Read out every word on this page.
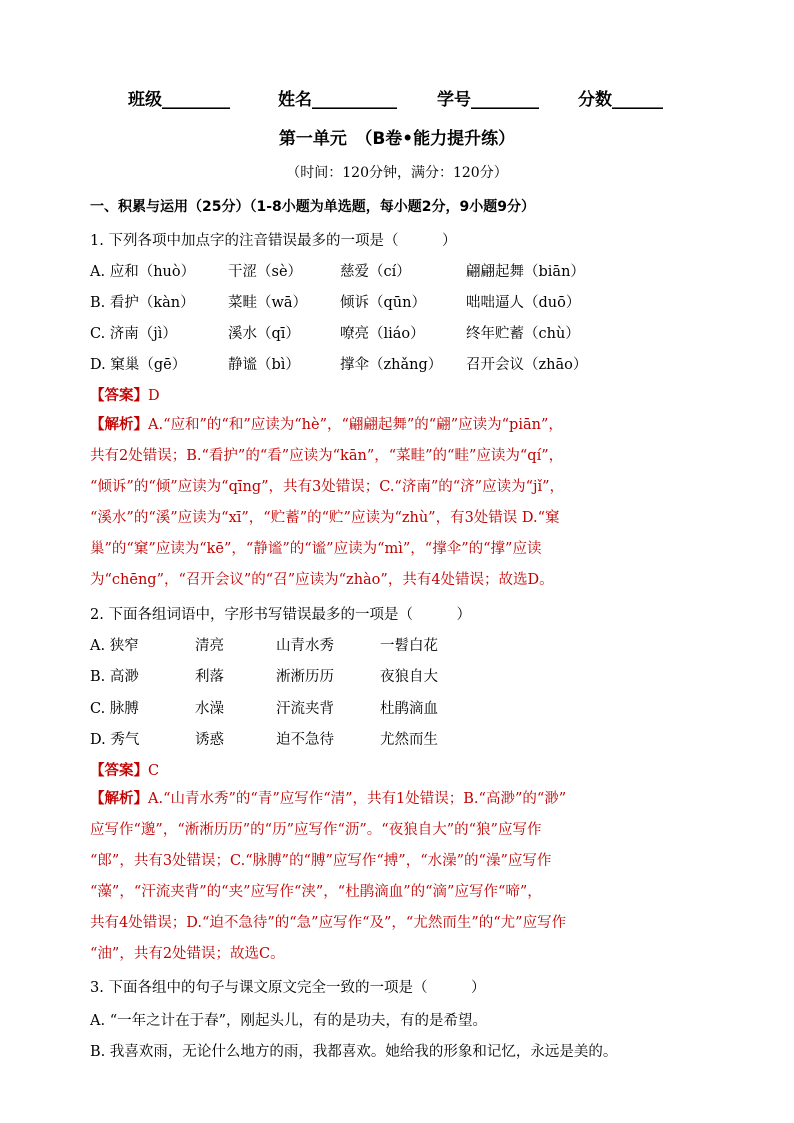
班级________	姓名__________ 学号________ 分数______
第一单元　（B卷•能力提升练）
（时间：120分钟，满分：120分）
一、积累与运用（25分）（1-8小题为单选题，每小题2分，9小题9分）
1. 下列各项中加点字的注音错误最多的一项是（　　　）
A. 应和（huò） 干涩（sè）	慈爱（cí）	翩翩起舞（biān）
B. 看护（kàn） 菜畦（wā） 倾诉（qūn）	咄咄逼人（duō）
C. 济南（jì）	溪水（qī）	嘹亮（liáo）	终年贮蓄（chù）
D. 窠巢（gē）	静谧（bì）	撑伞（zhǎng） 召开会议（zhāo）
【答案】D
【解析】A.“应和”的“和”应读为“hè”，“翩翩起舞”的“翩”应读为“piān”，
共有2处错误；B.“看护”的“看”应读为“kān”，“菜畦”的“畦”应读为“qí”，
“倾诉”的“倾”应读为“qīng”，共有3处错误；C.“济南”的“济”应读为“jǐ”，
“溪水”的“溪”应读为“xī”，“贮蓄”的“贮”应读为“zhù”，有3处错误 D.“窠
巢”的“窠”应读为“kē”，“静谧”的“谧”应读为“mì”，“撑伞”的“撑”应读
为“chēng”，“召开会议”的“召”应读为“zhào”，共有4处错误；故选D。
2. 下面各组词语中，字形书写错误最多的一项是（　　　）
A. 狭窄	清亮	山青水秀	一髫白花
B. 高渺	利落	淅淅历历	夜狼自大
C. 脉膊	水澡	汗流夹背	杜鹃滴血
D. 秀气	诱惑	迫不急待	尤然而生
【答案】C
【解析】A.“山青水秀”的“青”应写作“清”，共有1处错误；B.“高渺”的“渺”
应写作“邈”，“淅淅历历”的“历”应写作“沥”。“夜狼自大”的“狼”应写作
“郎”，共有3处错误；C.“脉膊”的“膊”应写作“搏”，“水澡”的“澡”应写作
“藻”，“汗流夹背”的“夹”应写作“浃”，“杜鹃滴血”的“滴”应写作“啼”，
共有4处错误；D.“迫不急待”的“急”应写作“及”，“尤然而生”的“尤”应写作
“油”，共有2处错误；故选C。
3. 下面各组中的句子与课文原文完全一致的一项是（　　　）
A. “一年之计在于春”，刚起头儿，有的是功夫，有的是希望。
B. 我喜欢雨，无论什么地方的雨，我都喜欢。她给我的形象和记忆，永远是美的。
